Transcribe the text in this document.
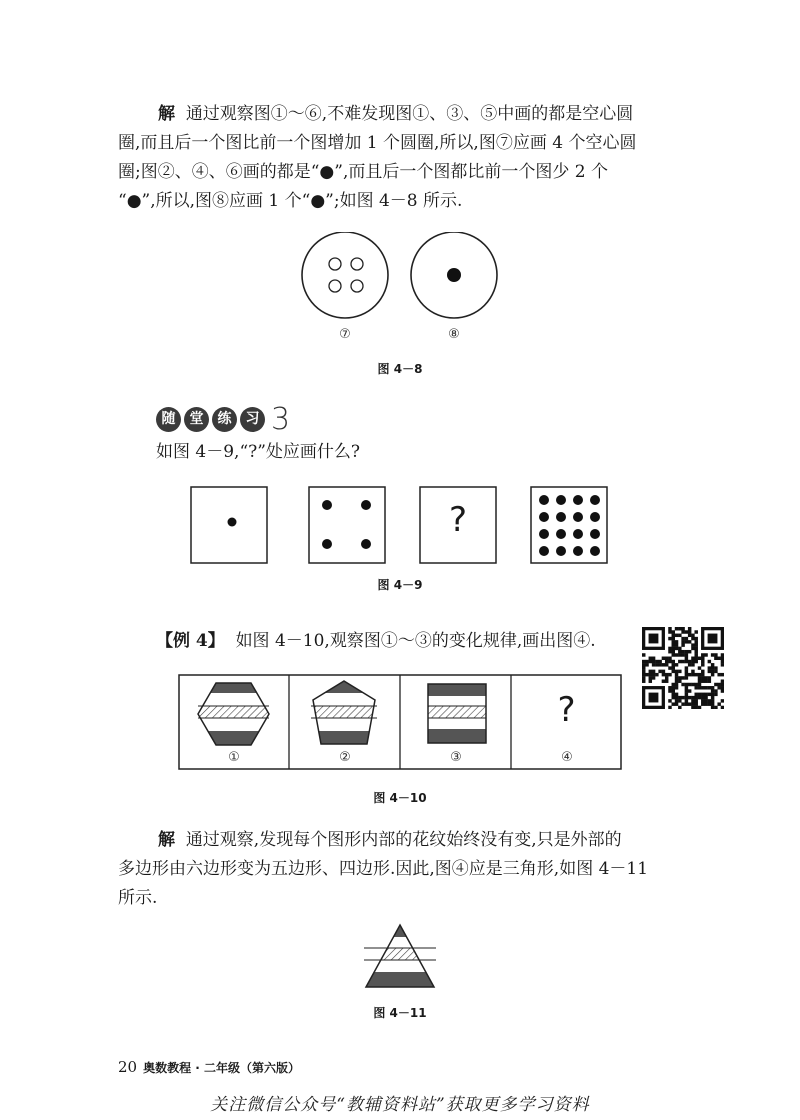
解 通过观察图①～⑥,不难发现图①、③、⑤中画的都是空心圆

圈,而且后一个图比前一个图增加 1 个圆圈,所以,图⑦应画 4 个空心圆

圈;图②、④、⑥画的都是“●”,而且后一个图都比前一个图少 2 个

“●”,所以,图⑧应画 1 个“●”;如图 4－8 所示.

⑦	⑧
图 4－8
随	堂	练	习 3
如图 4－9,“?”处应画什么?
?
图 4－9
【例 4】 如图 4－10,观察图①～③的变化规律,画出图④.
?
①	②	③	④
图 4－10

解 通过观察,发现每个图形内部的花纹始终没有变,只是外部的

多边形由六边形变为五边形、四边形.因此,图④应是三角形,如图 4－11

所示.

图 4－11
20 奥数教程 · 二年级（第六版）
关注微信公众号“教辅资料站”获取更多学习资料
